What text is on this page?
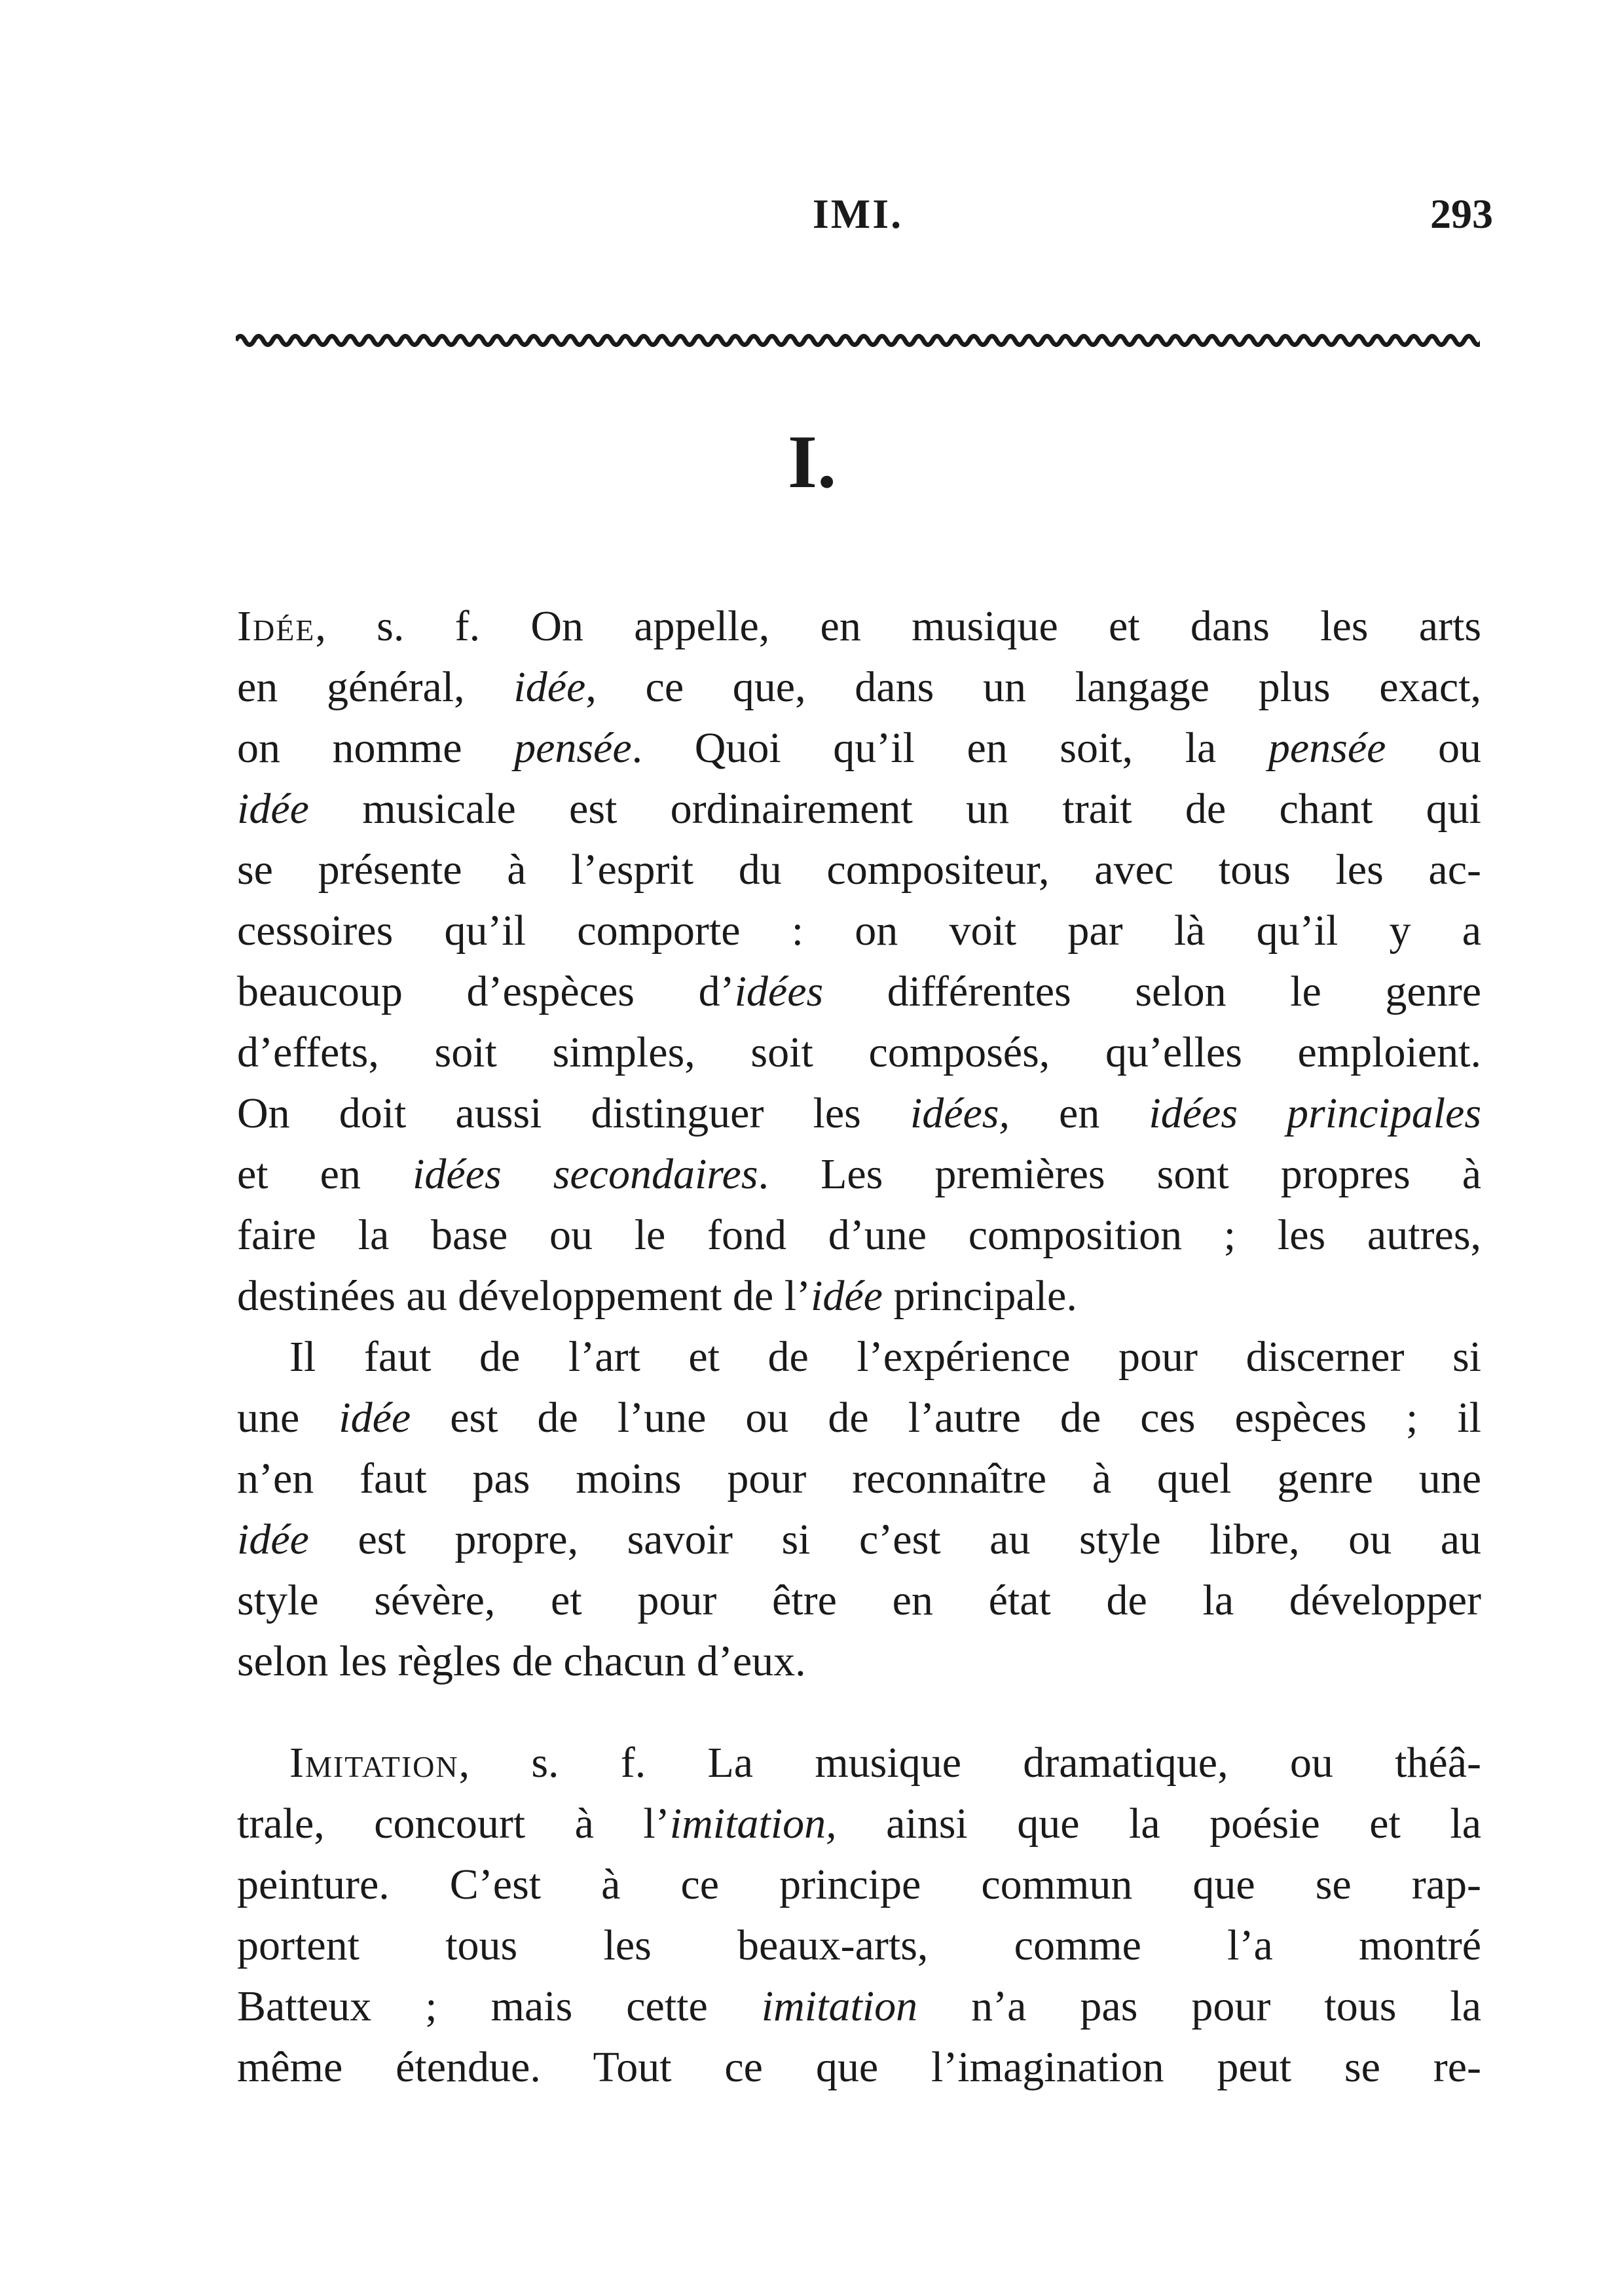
IMI.	293
I.
Idée, s. f. On appelle, en musique et dans les arts
en général, idée, ce que, dans un langage plus exact,
on nomme pensée. Quoi qu’il en soit, la pensée ou
idée musicale est ordinairement un trait de chant qui
se présente à l’esprit du compositeur, avec tous les ac-
cessoires qu’il comporte : on voit par là qu’il y a
beaucoup d’espèces d’idées différentes selon le genre
d’effets, soit simples, soit composés, qu’elles emploient.
On doit aussi distinguer les idées, en idées principales
et en idées secondaires. Les premières sont propres à
faire la base ou le fond d’une composition ; les autres,
destinées au développement de l’idée principale.
Il faut de l’art et de l’expérience pour discerner si
une idée est de l’une ou de l’autre de ces espèces ; il
n’en faut pas moins pour reconnaître à quel genre une
idée est propre, savoir si c’est au style libre, ou au
style sévère, et pour être en état de la développer
selon les règles de chacun d’eux.
Imitation, s. f. La musique dramatique, ou théâ-
trale, concourt à l’imitation, ainsi que la poésie et la
peinture. C’est à ce principe commun que se rap-
portent tous les beaux-arts, comme l’a montré
Batteux ; mais cette imitation n’a pas pour tous la
même étendue. Tout ce que l’imagination peut se re-
